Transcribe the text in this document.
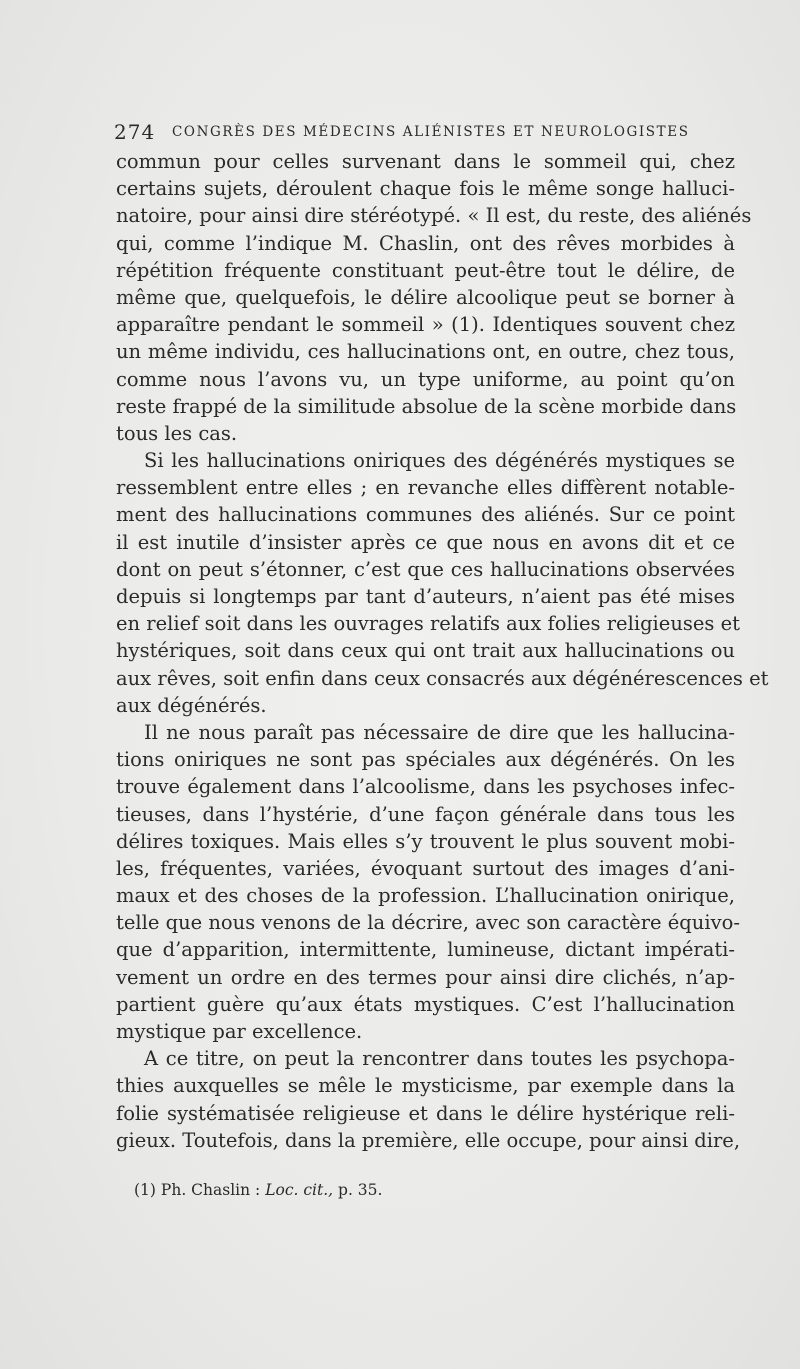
274 CONGRÈS DES MÉDECINS ALIÉNISTES ET NEUROLOGISTES
commun pour celles survenant dans le sommeil qui, chez
certains sujets, déroulent chaque fois le même songe halluci-
natoire, pour ainsi dire stéréotypé. « Il est, du reste, des aliénés
qui, comme l’indique M. Chaslin, ont des rêves morbides à
répétition fréquente constituant peut-être tout le délire, de
même que, quelquefois, le délire alcoolique peut se borner à
apparaître pendant le sommeil » (1). Identiques souvent chez
un même individu, ces hallucinations ont, en outre, chez tous,
comme nous l’avons vu, un type uniforme, au point qu’on
reste frappé de la similitude absolue de la scène morbide dans
tous les cas.
Si les hallucinations oniriques des dégénérés mystiques se
ressemblent entre elles ; en revanche elles diffèrent notable-
ment des hallucinations communes des aliénés. Sur ce point
il est inutile d’insister après ce que nous en avons dit et ce
dont on peut s’étonner, c’est que ces hallucinations observées
depuis si longtemps par tant d’auteurs, n’aient pas été mises
en relief soit dans les ouvrages relatifs aux folies religieuses et
hystériques, soit dans ceux qui ont trait aux hallucinations ou
aux rêves, soit enfin dans ceux consacrés aux dégénérescences et
aux dégénérés.
Il ne nous paraît pas nécessaire de dire que les hallucina-
tions oniriques ne sont pas spéciales aux dégénérés. On les
trouve également dans l’alcoolisme, dans les psychoses infec-
tieuses, dans l’hystérie, d’une façon générale dans tous les
délires toxiques. Mais elles s’y trouvent le plus souvent mobi-
les, fréquentes, variées, évoquant surtout des images d’ani-
maux et des choses de la profession. L’hallucination onirique,
telle que nous venons de la décrire, avec son caractère équivo-
que d’apparition, intermittente, lumineuse, dictant impérati-
vement un ordre en des termes pour ainsi dire clichés, n’ap-
partient guère qu’aux états mystiques. C’est l’hallucination
mystique par excellence.
A ce titre, on peut la rencontrer dans toutes les psychopa-
thies auxquelles se mêle le mysticisme, par exemple dans la
folie systématisée religieuse et dans le délire hystérique reli-
gieux. Toutefois, dans la première, elle occupe, pour ainsi dire,
(1) Ph. Chaslin : Loc. cit., p. 35.
